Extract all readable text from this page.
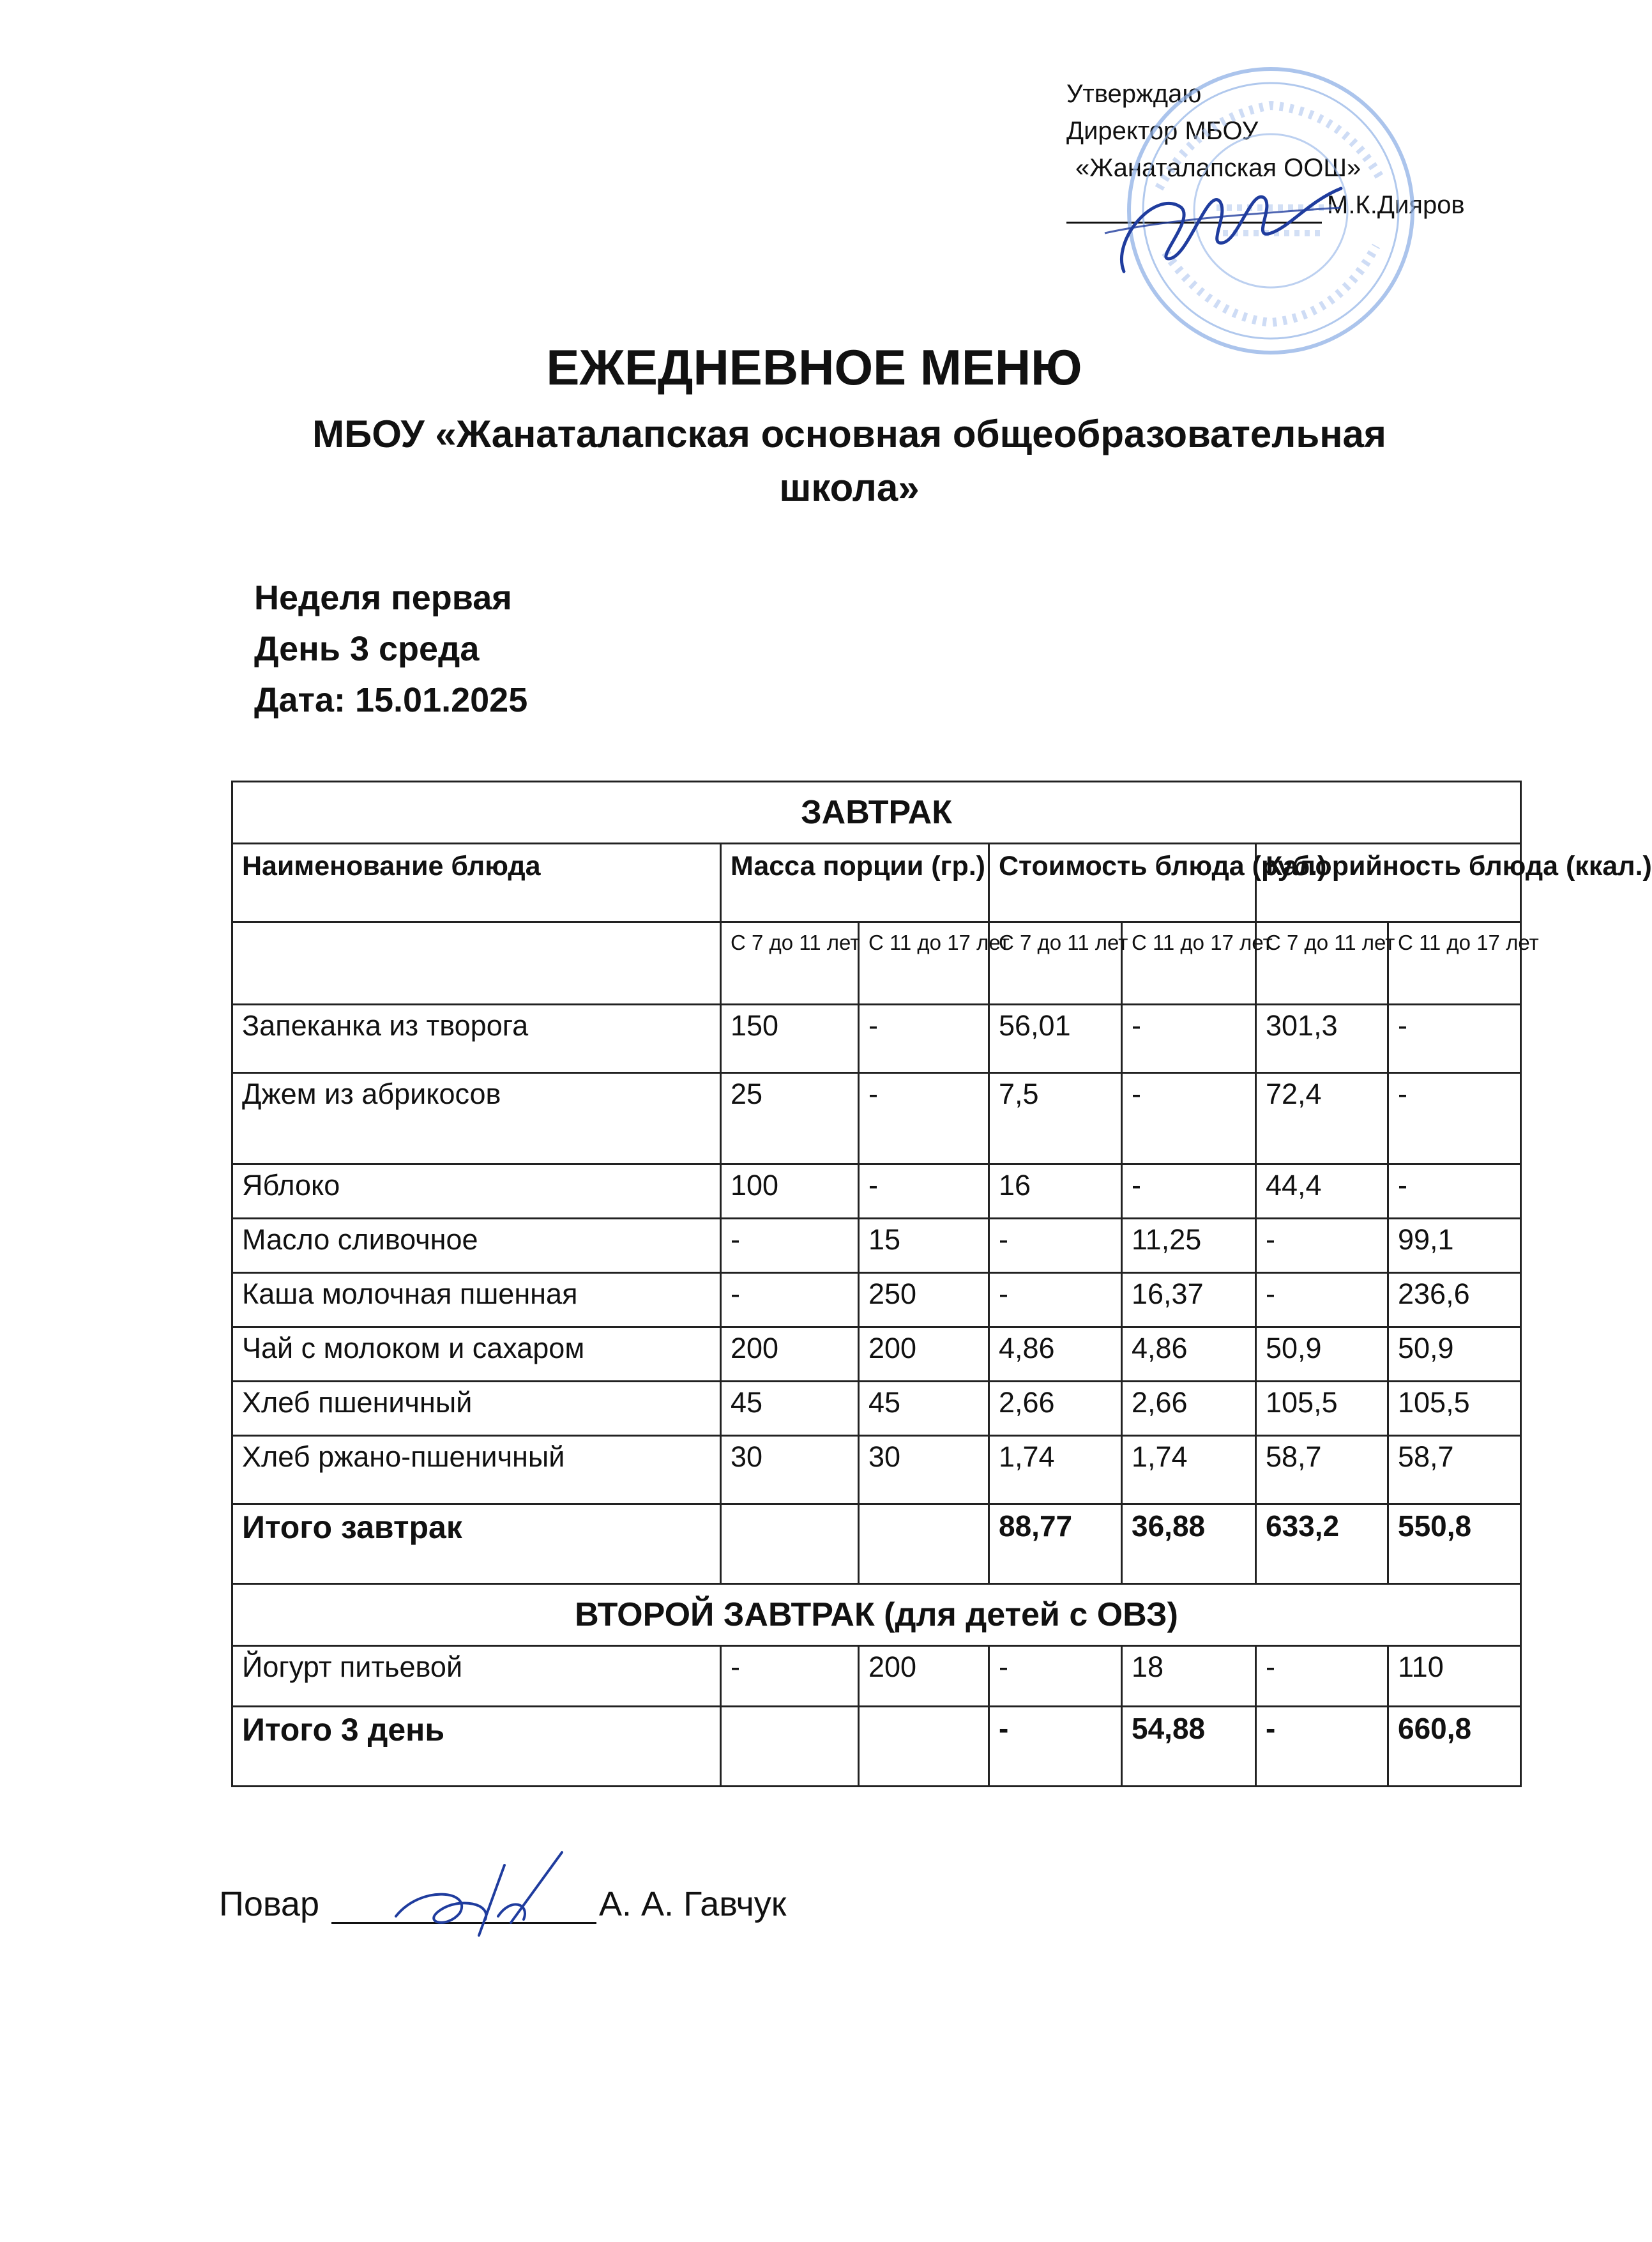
Утверждаю
Директор МБОУ
«Жанаталапская ООШ»
М.К.Дияров
ЕЖЕДНЕВНОЕ МЕНЮ
МБОУ «Жанаталапская основная общеобразовательная школа»
Неделя первая
День 3 среда
Дата: 15.01.2025
ЗАВТРАК						
Наименование блюда	Масса порции (гр.)		Стоимость блюда (руб.)		Калорийность блюда (ккал.)	
	С 7 до 11 лет	С 11 до 17 лет	С 7 до 11 лет	С 11 до 17 лет	С 7 до 11 лет	С 11 до 17 лет
Запеканка из творога	150	-	56,01	-	301,3	-
Джем из абрикосов	25	-	7,5	-	72,4	-
Яблоко	100	-	16	-	44,4	-
Масло сливочное	-	15	-	11,25	-	99,1
Каша молочная пшенная	-	250	-	16,37	-	236,6
Чай с молоком и сахаром	200	200	4,86	4,86	50,9	50,9
Хлеб пшеничный	45	45	2,66	2,66	105,5	105,5
Хлеб ржано-пшеничный	30	30	1,74	1,74	58,7	58,7
Итого завтрак			88,77	36,88	633,2	550,8
ВТОРОЙ ЗАВТРАК (для детей с ОВЗ)						
Йогурт питьевой	-	200	-	18	-	110
Итого 3 день			-	54,88	-	660,8
Повар	А. А. Гавчук
